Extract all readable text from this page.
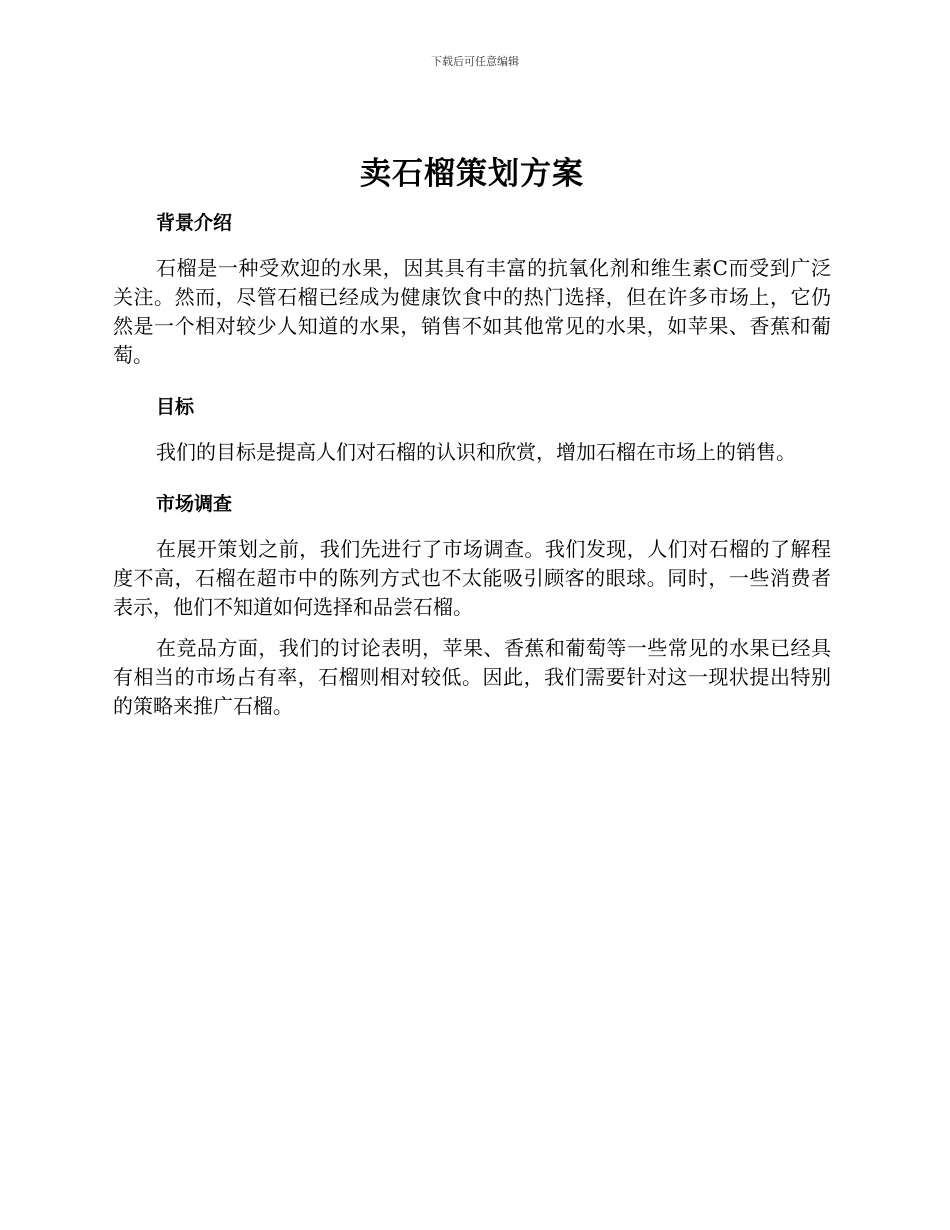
下载后可任意编辑
卖石榴策划方案
背景介绍

石榴是一种受欢迎的水果，因其具有丰富的抗氧化剂和维生素C而受到广泛关注。然而，尽管石榴已经成为健康饮食中的热门选择，但在许多市场上，它仍然是一个相对较少人知道的水果，销售不如其他常见的水果，如苹果、香蕉和葡萄。

目标

我们的目标是提高人们对石榴的认识和欣赏，增加石榴在市场上的销售。

市场调查

在展开策划之前，我们先进行了市场调查。我们发现，人们对石榴的了解程度不高，石榴在超市中的陈列方式也不太能吸引顾客的眼球。同时，一些消费者表示，他们不知道如何选择和品尝石榴。

在竞品方面，我们的讨论表明，苹果、香蕉和葡萄等一些常见的水果已经具有相当的市场占有率，石榴则相对较低。因此，我们需要针对这一现状提出特别的策略来推广石榴。
